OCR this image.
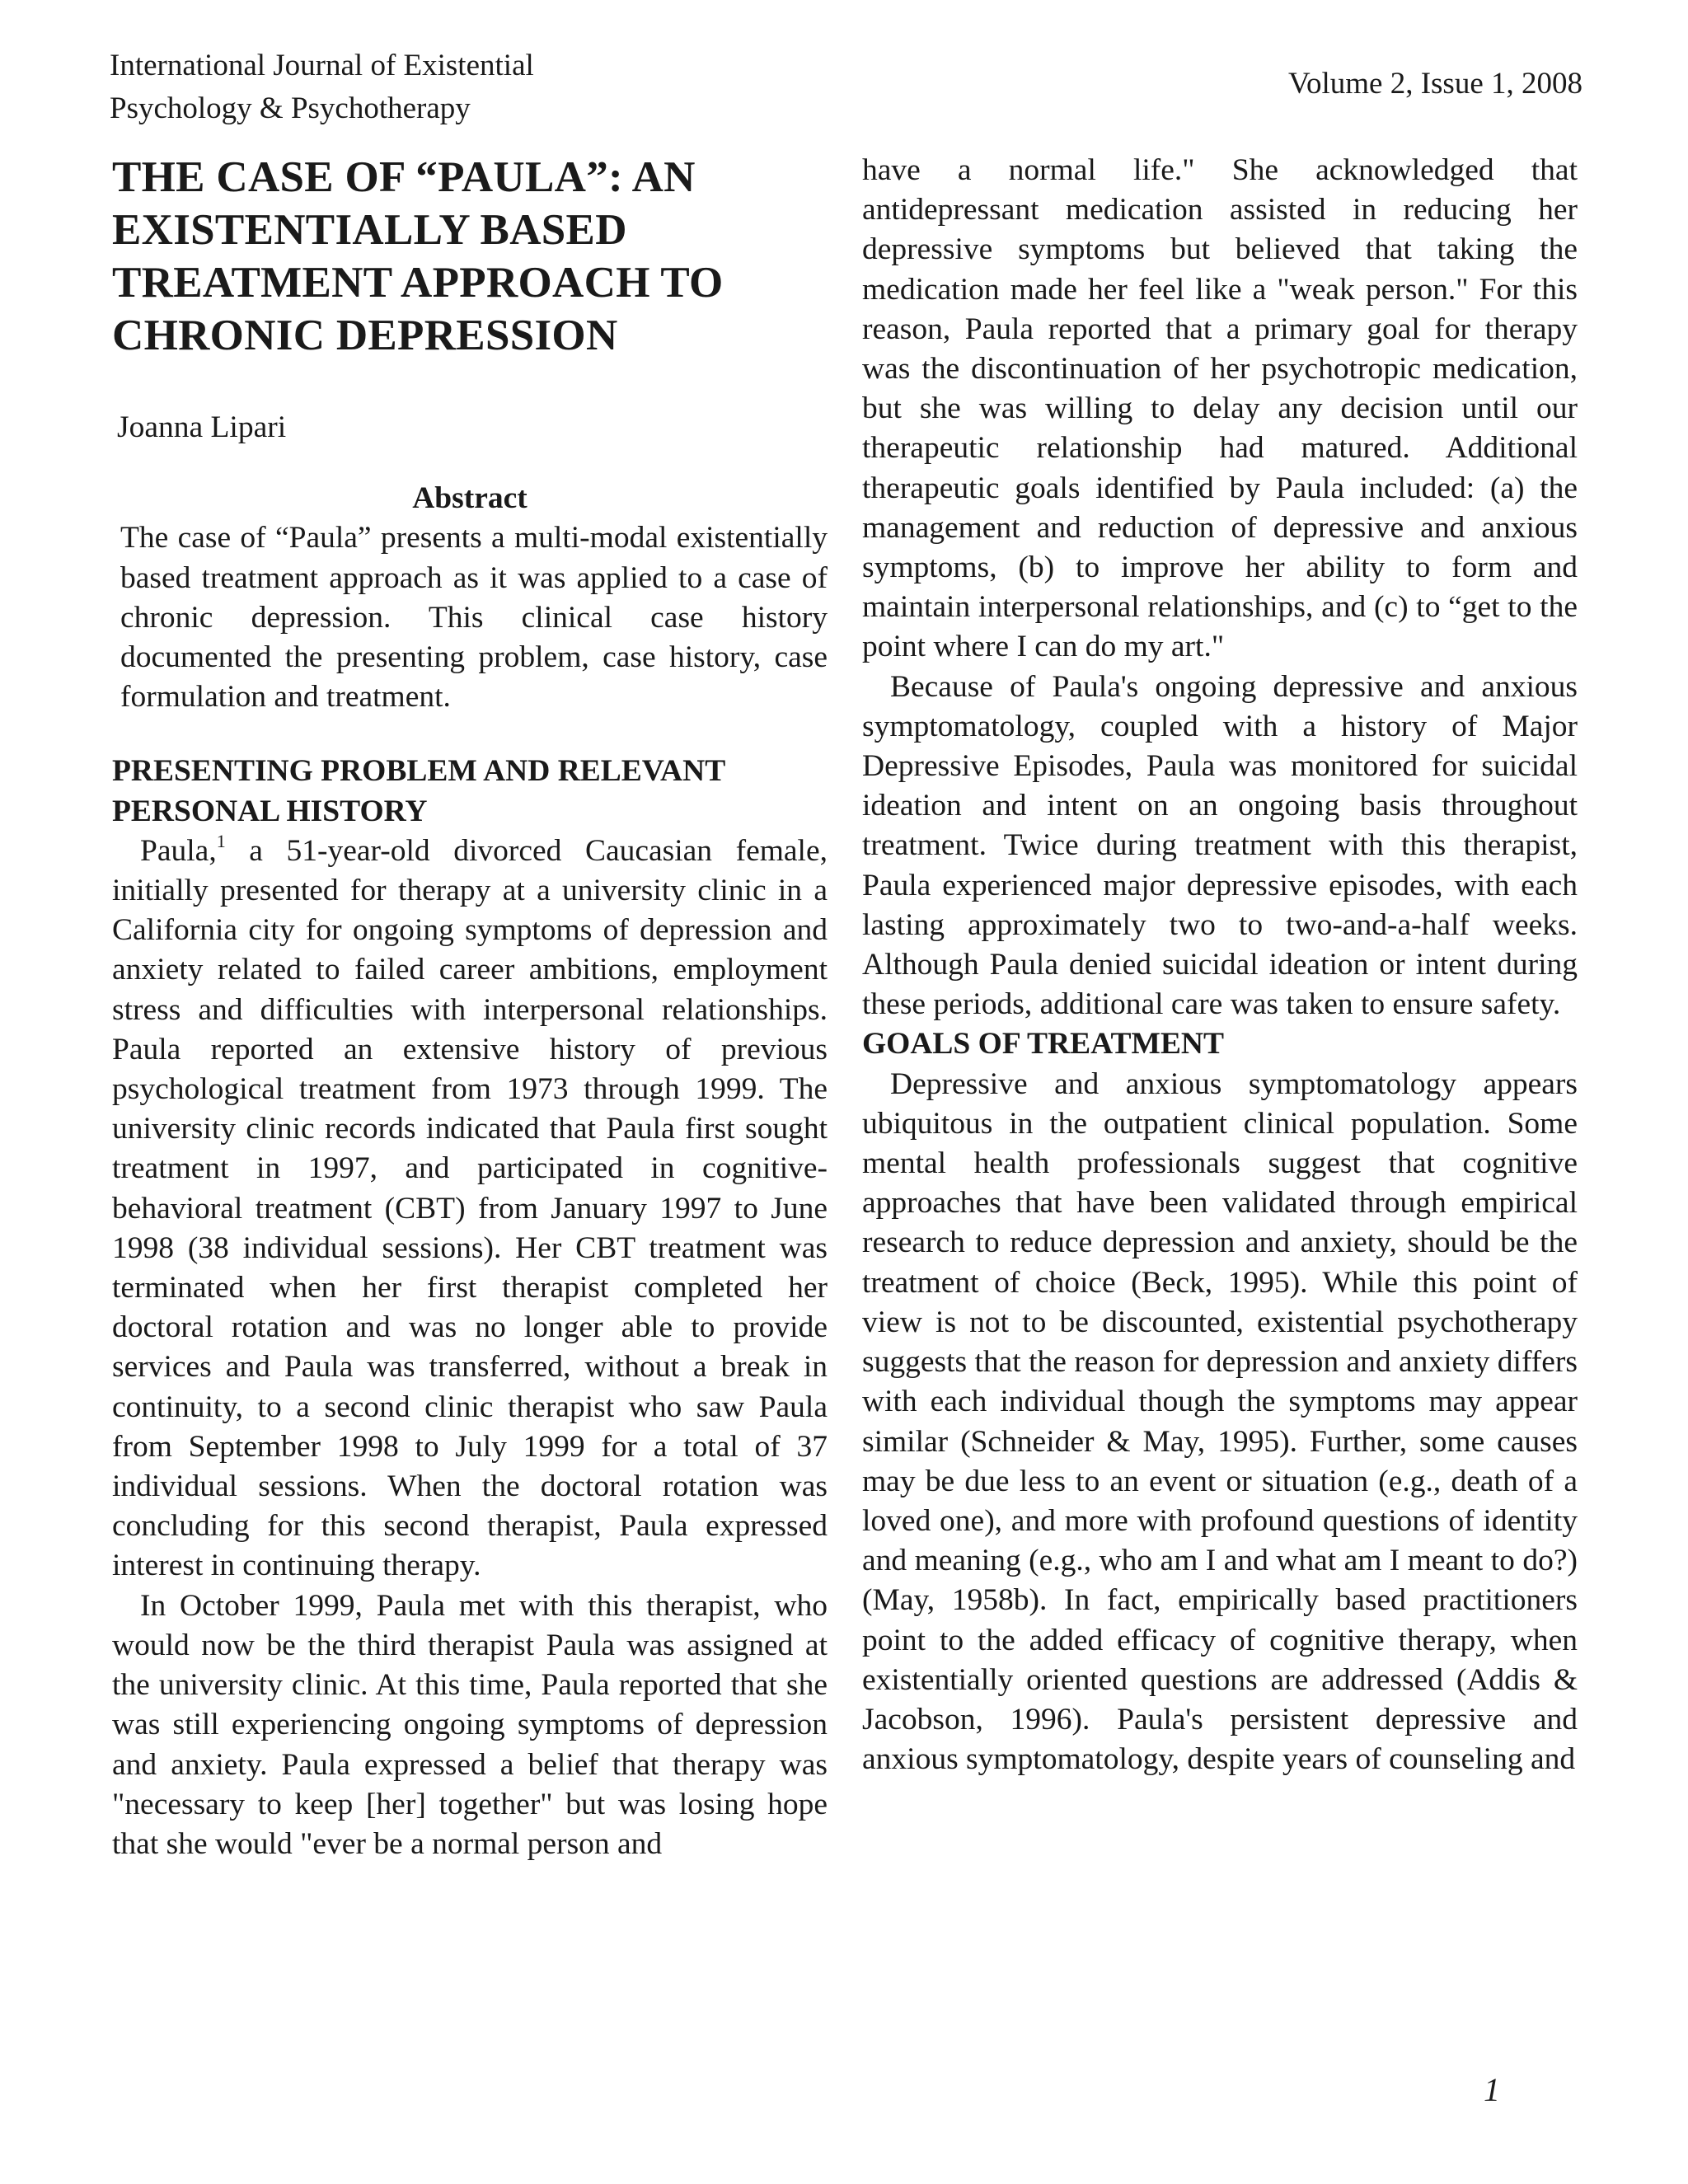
International Journal of Existential
Psychology & Psychotherapy
Volume 2, Issue 1, 2008
THE CASE OF “PAULA”: AN EXISTENTIALLY BASED TREATMENT APPROACH TO CHRONIC DEPRESSION
Joanna Lipari
Abstract

The case of “Paula” presents a multi-modal existentially based treatment approach as it was applied to a case of chronic depression. This clinical case history documented the presenting problem, case history, case formulation and treatment.

PRESENTING PROBLEM AND RELEVANT PERSONAL HISTORY

Paula,$^1$ a 51-year-old divorced Caucasian female, initially presented for therapy at a university clinic in a California city for ongoing symptoms of depression and anxiety related to failed career ambitions, employment stress and difficulties with interpersonal relationships. Paula reported an extensive history of previous psychological treatment from 1973 through 1999. The university clinic records indicated that Paula first sought treatment in 1997, and participated in cognitive-behavioral treatment (CBT) from January 1997 to June 1998 (38 individual sessions). Her CBT treatment was terminated when her first therapist completed her doctoral rotation and was no longer able to provide services and Paula was transferred, without a break in continuity, to a second clinic therapist who saw Paula from September 1998 to July 1999 for a total of 37 individual sessions. When the doctoral rotation was concluding for this second therapist, Paula expressed interest in continuing therapy.

In October 1999, Paula met with this therapist, who would now be the third therapist Paula was assigned at the university clinic. At this time, Paula reported that she was still experiencing ongoing symptoms of depression and anxiety. Paula expressed a belief that therapy was "necessary to keep [her] together" but was losing hope that she would "ever be a normal person and

have a normal life." She acknowledged that antidepressant medication assisted in reducing her depressive symptoms but believed that taking the medication made her feel like a "weak person." For this reason, Paula reported that a primary goal for therapy was the discontinuation of her psychotropic medication, but she was willing to delay any decision until our therapeutic relationship had matured. Additional therapeutic goals identified by Paula included: (a) the management and reduction of depressive and anxious symptoms, (b) to improve her ability to form and maintain interpersonal relationships, and (c) to “get to the point where I can do my art."

Because of Paula's ongoing depressive and anxious symptomatology, coupled with a history of Major Depressive Episodes, Paula was monitored for suicidal ideation and intent on an ongoing basis throughout treatment. Twice during treatment with this therapist, Paula experienced major depressive episodes, with each lasting approximately two to two-and-a-half weeks. Although Paula denied suicidal ideation or intent during these periods, additional care was taken to ensure safety.

GOALS OF TREATMENT

Depressive and anxious symptomatology appears ubiquitous in the outpatient clinical population. Some mental health professionals suggest that cognitive approaches that have been validated through empirical research to reduce depression and anxiety, should be the treatment of choice (Beck, 1995). While this point of view is not to be discounted, existential psychotherapy suggests that the reason for depression and anxiety differs with each individual though the symptoms may appear similar (Schneider & May, 1995). Further, some causes may be due less to an event or situation (e.g., death of a loved one), and more with profound questions of identity and meaning (e.g., who am I and what am I meant to do?) (May, 1958b). In fact, empirically based practitioners point to the added efficacy of cognitive therapy, when existentially oriented questions are addressed (Addis & Jacobson, 1996). Paula's persistent depressive and anxious symptomatology, despite years of counseling and

1
